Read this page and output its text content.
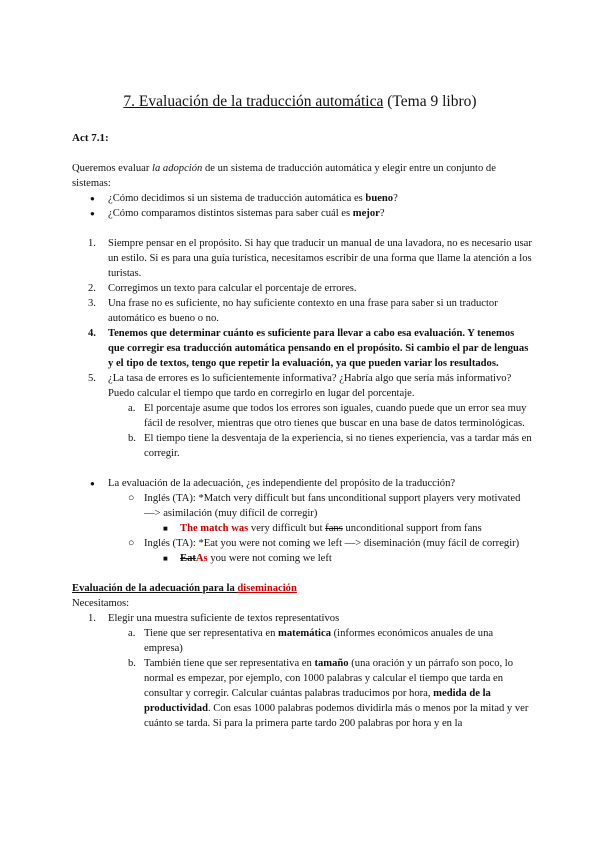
7. Evaluación de la traducción automática (Tema 9 libro)
Act 7.1:

Queremos evaluar la adopción de un sistema de traducción automática y elegir entre un conjunto de sistemas:

● ¿Cómo decidimos si un sistema de traducción automática es bueno?
● ¿Cómo comparamos distintos sistemas para saber cuál es mejor?
1. Siempre pensar en el propósito. Si hay que traducir un manual de una lavadora, no es necesario usar un estilo. Si es para una guía turística, necesitamos escribir de una forma que llame la atención a los turistas.
2. Corregimos un texto para calcular el porcentaje de errores.
3. Una frase no es suficiente, no hay suficiente contexto en una frase para saber si un traductor automático es bueno o no.
4. Tenemos que determinar cuánto es suficiente para llevar a cabo esa evaluación. Y tenemos que corregir esa traducción automática pensando en el propósito. Si cambio el par de lenguas y el tipo de textos, tengo que repetir la evaluación, ya que pueden variar los resultados.
5. ¿La tasa de errores es lo suficientemente informativa? ¿Habría algo que sería más informativo? Puedo calcular el tiempo que tardo en corregirlo en lugar del porcentaje.
a. El porcentaje asume que todos los errores son iguales, cuando puede que un error sea muy fácil de resolver, mientras que otro tienes que buscar en una base de datos terminológicas.
b. El tiempo tiene la desventaja de la experiencia, si no tienes experiencia, vas a tardar más en corregir.
● La evaluación de la adecuación, ¿es independiente del propósito de la traducción?
○ Inglés (TA): *Match very difficult but fans unconditional support players very motivated —> asimilación (muy difícil de corregir)
■ The match was very difficult but fans unconditional support from fans
○ Inglés (TA): *Eat you were not coming we left —> diseminación (muy fácil de corregir)
■ EatAs you were not coming we left

Evaluación de la adecuación para la diseminación

Necesitamos:

1. Elegir una muestra suficiente de textos representativos
a. Tiene que ser representativa en matemática (informes económicos anuales de una empresa)
b. También tiene que ser representativa en tamaño (una oración y un párrafo son poco, lo normal es empezar, por ejemplo, con 1000 palabras y calcular el tiempo que tarda en consultar y corregir. Calcular cuántas palabras traducimos por hora, medida de la productividad. Con esas 1000 palabras podemos dividirla más o menos por la mitad y ver cuánto se tarda. Si para la primera parte tardo 200 palabras por hora y en la
